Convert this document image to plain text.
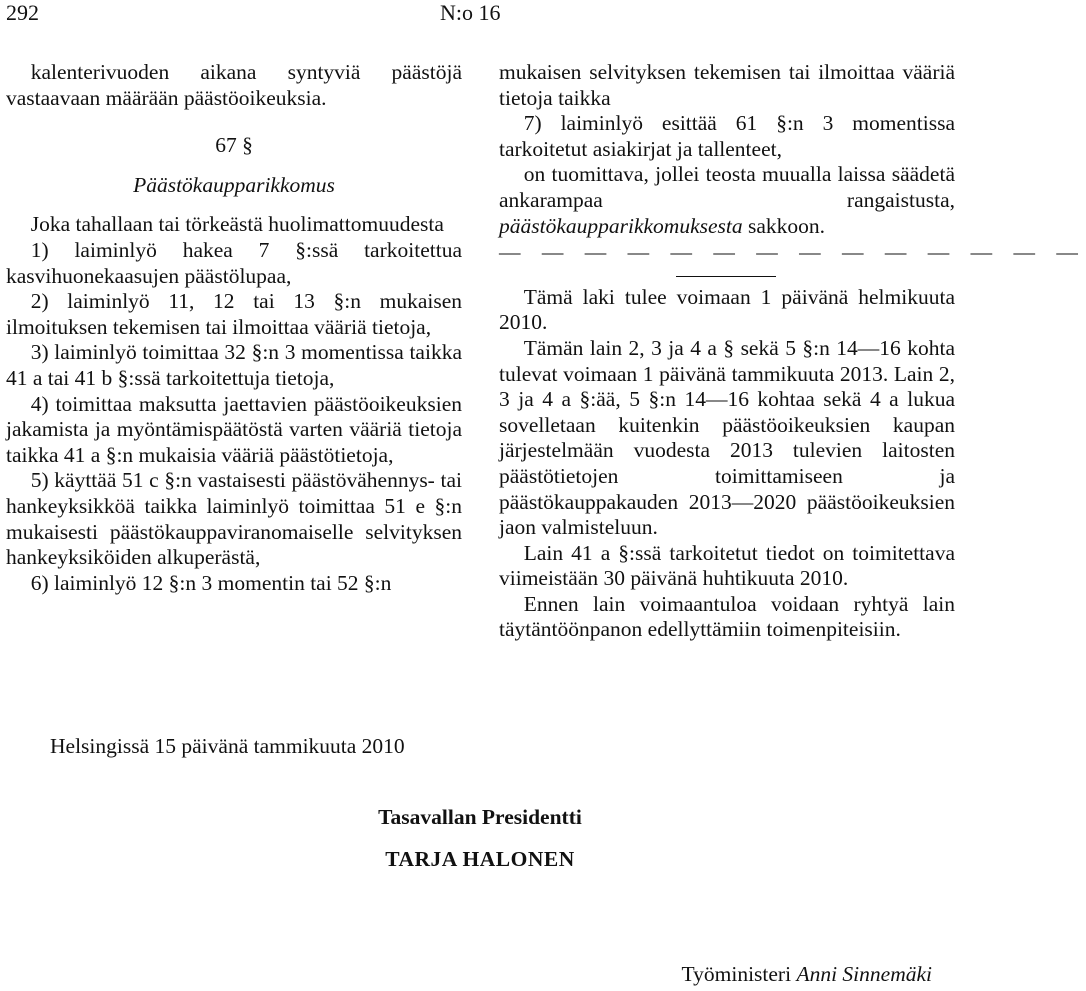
292	N:o 16

kalenterivuoden aikana syntyviä päästöjä vastaavaan määrään päästöoikeuksia.

67 §
Päästökaupparikkomus

Joka tahallaan tai törkeästä huolimattomuudesta

1) laiminlyö hakea 7 §:ssä tarkoitettua kasvihuonekaasujen päästölupaa,

2) laiminlyö 11, 12 tai 13 §:n mukaisen ilmoituksen tekemisen tai ilmoittaa vääriä tietoja,

3) laiminlyö toimittaa 32 §:n 3 momentissa taikka 41 a tai 41 b §:ssä tarkoitettuja tietoja,

4) toimittaa maksutta jaettavien päästöoikeuksien jakamista ja myöntämispäätöstä varten vääriä tietoja taikka 41 a §:n mukaisia vääriä päästötietoja,

5) käyttää 51 c §:n vastaisesti päästövähennys- tai hankeyksikköä taikka laiminlyö toimittaa 51 e §:n mukaisesti päästökauppaviranomaiselle selvityksen hankeyksiköiden alkuperästä,

6) laiminlyö 12 §:n 3 momentin tai 52 §:n

mukaisen selvityksen tekemisen tai ilmoittaa vääriä tietoja taikka

7) laiminlyö esittää 61 §:n 3 momentissa tarkoitetut asiakirjat ja tallenteet,

on tuomittava, jollei teosta muualla laissa säädetä ankarampaa rangaistusta, päästökaupparikkomuksesta sakkoon.

— — — — — — — — — — — — — —

Tämä laki tulee voimaan 1 päivänä helmikuuta 2010.

Tämän lain 2, 3 ja 4 a § sekä 5 §:n 14—16 kohta tulevat voimaan 1 päivänä tammikuuta 2013. Lain 2, 3 ja 4 a §:ää, 5 §:n 14—16 kohtaa sekä 4 a lukua sovelletaan kuitenkin päästöoikeuksien kaupan järjestelmään vuodesta 2013 tulevien laitosten päästötietojen toimittamiseen ja päästökauppakauden 2013—2020 päästöoikeuksien jaon valmisteluun.

Lain 41 a §:ssä tarkoitetut tiedot on toimitettava viimeistään 30 päivänä huhtikuuta 2010.

Ennen lain voimaantuloa voidaan ryhtyä lain täytäntöönpanon edellyttämiin toimenpiteisiin.

Helsingissä 15 päivänä tammikuuta 2010
Tasavallan Presidentti
TARJA HALONEN
Työministeri Anni Sinnemäki
